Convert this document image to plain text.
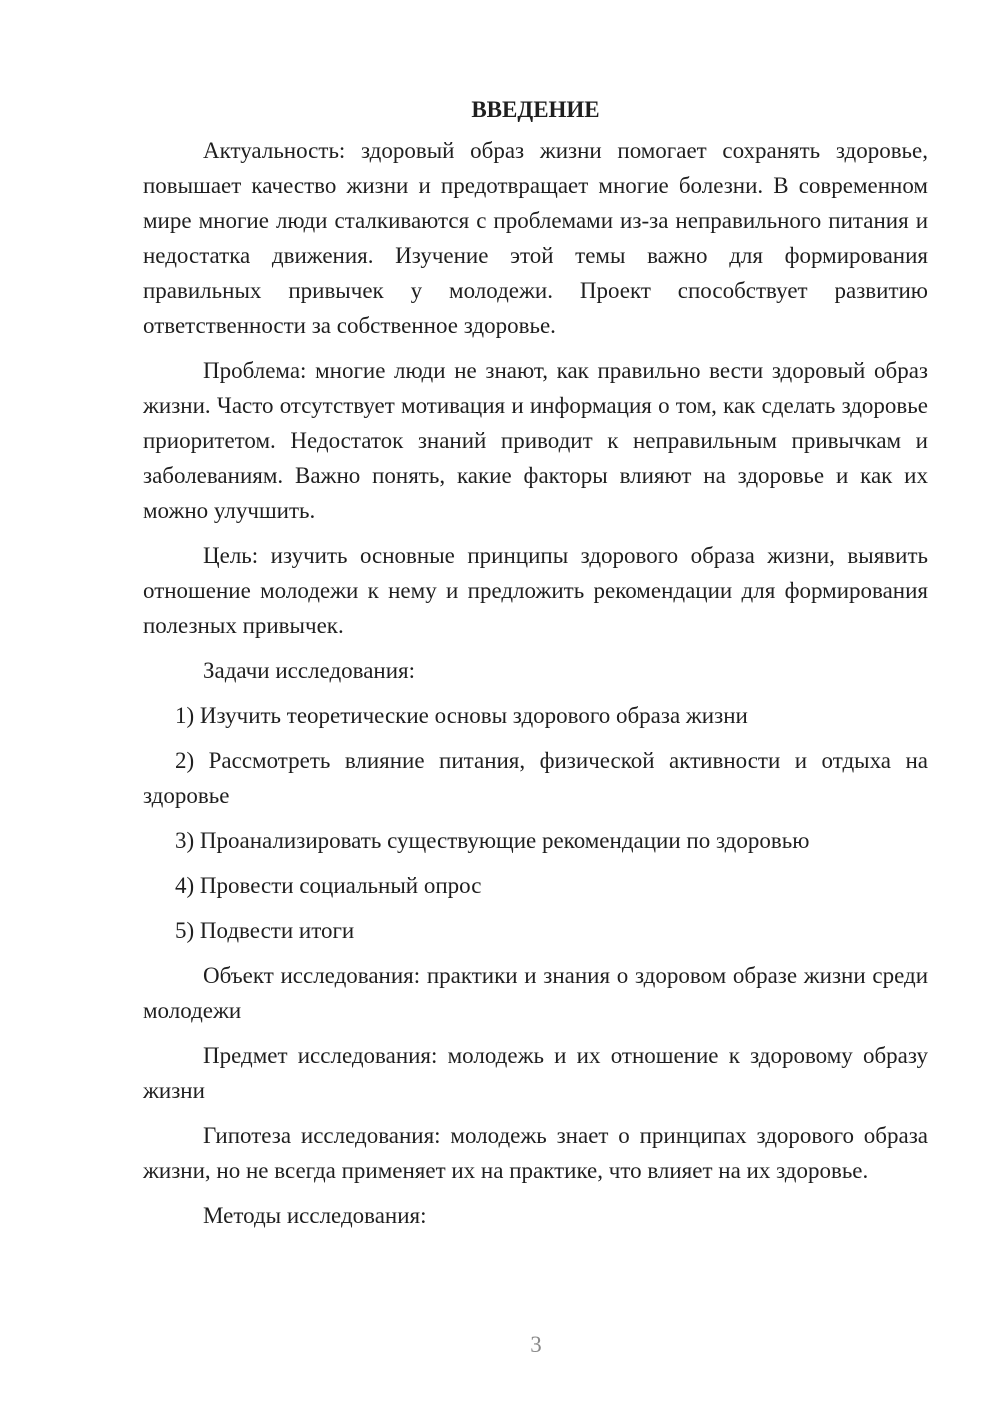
ВВЕДЕНИЕ

Актуальность: здоровый образ жизни помогает сохранять здоровье, повышает качество жизни и предотвращает многие болезни. В современном мире многие люди сталкиваются с проблемами из-за неправильного питания и недостатка движения. Изучение этой темы важно для формирования правильных привычек у молодежи. Проект способствует развитию ответственности за собственное здоровье.

Проблема: многие люди не знают, как правильно вести здоровый образ жизни. Часто отсутствует мотивация и информация о том, как сделать здоровье приоритетом. Недостаток знаний приводит к неправильным привычкам и заболеваниям. Важно понять, какие факторы влияют на здоровье и как их можно улучшить.

Цель: изучить основные принципы здорового образа жизни, выявить отношение молодежи к нему и предложить рекомендации для формирования полезных привычек.

Задачи исследования:

1) Изучить теоретические основы здорового образа жизни

2) Рассмотреть влияние питания, физической активности и отдыха на здоровье

3) Проанализировать существующие рекомендации по здоровью

4) Провести социальный опрос

5) Подвести итоги

Объект исследования: практики и знания о здоровом образе жизни среди молодежи

Предмет исследования: молодежь и их отношение к здоровому образу жизни

Гипотеза исследования: молодежь знает о принципах здорового образа жизни, но не всегда применяет их на практике, что влияет на их здоровье.

Методы исследования:

3
